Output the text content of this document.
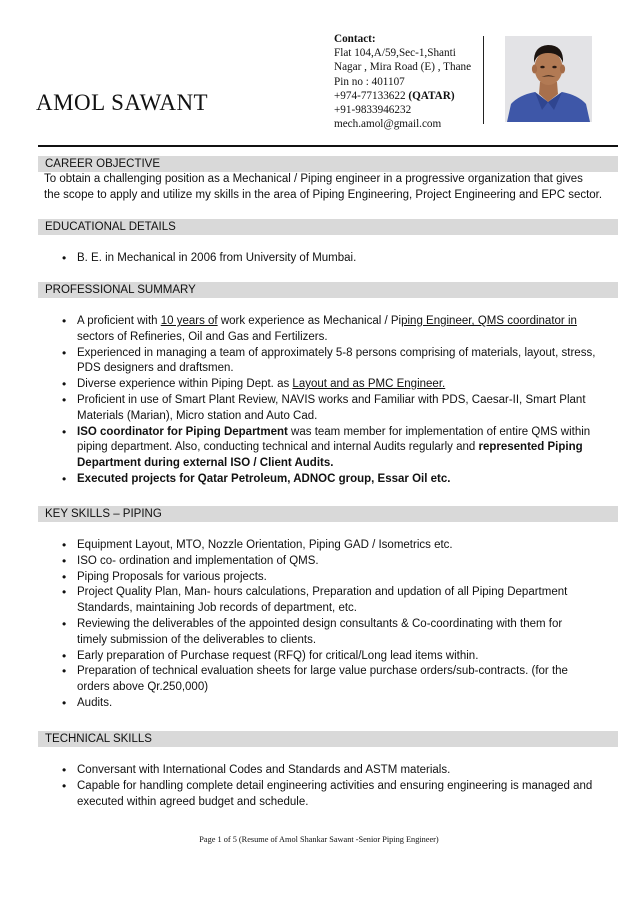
AMOL SAWANT
Contact:
Flat 104,A/59,Sec-1,Shanti
Nagar , Mira Road (E) , Thane
Pin no : 401107
+974-77133622 (QATAR)
+91-9833946232
mech.amol@gmail.com
CAREER OBJECTIVE
To obtain a challenging position as a Mechanical / Piping engineer in a progressive organization that gives
the scope to apply and utilize my skills in the area of Piping Engineering, Project Engineering and EPC sector.
EDUCATIONAL DETAILS
• B. E. in Mechanical in 2006 from University of Mumbai.
PROFESSIONAL SUMMARY
• A proficient with 10 years of work experience as Mechanical / Piping Engineer, QMS coordinator in
sectors of Refineries, Oil and Gas and Fertilizers.
• Experienced in managing a team of approximately 5-8 persons comprising of materials, layout, stress,
PDS designers and draftsmen.
• Diverse experience within Piping Dept. as Layout and as PMC Engineer.
• Proficient in use of Smart Plant Review, NAVIS works and Familiar with PDS, Caesar-II, Smart Plant
Materials (Marian), Micro station and Auto Cad.
• ISO coordinator for Piping Department was team member for implementation of entire QMS within
piping department. Also, conducting technical and internal Audits regularly and represented Piping
Department during external ISO / Client Audits.
• Executed projects for Qatar Petroleum, ADNOC group, Essar Oil etc.
KEY SKILLS – PIPING
• Equipment Layout, MTO, Nozzle Orientation, Piping GAD / Isometrics etc.
• ISO co- ordination and implementation of QMS.
• Piping Proposals for various projects.
• Project Quality Plan, Man- hours calculations, Preparation and updation of all Piping Department
Standards, maintaining Job records of department, etc.
• Reviewing the deliverables of the appointed design consultants & Co-coordinating with them for
timely submission of the deliverables to clients.
• Early preparation of Purchase request (RFQ) for critical/Long lead items within.
• Preparation of technical evaluation sheets for large value purchase orders/sub-contracts. (for the
orders above Qr.250,000)
• Audits.
TECHNICAL SKILLS
• Conversant with International Codes and Standards and ASTM materials.
• Capable for handling complete detail engineering activities and ensuring engineering is managed and
executed within agreed budget and schedule.
Page 1 of 5 (Resume of Amol Shankar Sawant -Senior Piping Engineer)
